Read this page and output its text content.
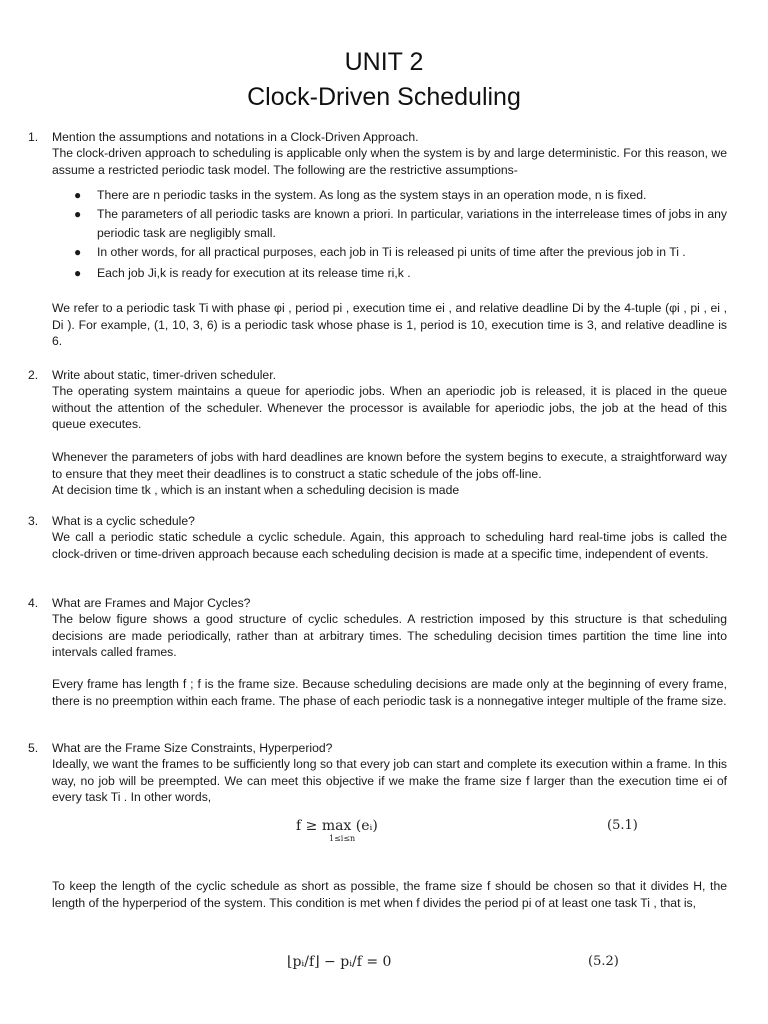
UNIT 2
Clock-Driven Scheduling
1. Mention the assumptions and notations in a Clock-Driven Approach.
The clock-driven approach to scheduling is applicable only when the system is by and large deterministic. For this reason, we assume a restricted periodic task model. The following are the restrictive assumptions-
● There are n periodic tasks in the system. As long as the system stays in an operation mode, n is fixed.
● The parameters of all periodic tasks are known a priori. In particular, variations in the interrelease times of jobs in any periodic task are negligibly small.
● In other words, for all practical purposes, each job in Ti is released pi units of time after the previous job in Ti .
● Each job Ji,k is ready for execution at its release time ri,k .
We refer to a periodic task Ti with phase φi , period pi , execution time ei , and relative deadline Di by the 4-tuple (φi , pi , ei , Di ). For example, (1, 10, 3, 6) is a periodic task whose phase is 1, period is 10, execution time is 3, and relative deadline is 6.
2. Write about static, timer-driven scheduler.
The operating system maintains a queue for aperiodic jobs. When an aperiodic job is released, it is placed in the queue without the attention of the scheduler. Whenever the processor is available for aperiodic jobs, the job at the head of this queue executes.
Whenever the parameters of jobs with hard deadlines are known before the system begins to execute, a straightforward way to ensure that they meet their deadlines is to construct a static schedule of the jobs off-line.
At decision time tk , which is an instant when a scheduling decision is made
3. What is a cyclic schedule?
We call a periodic static schedule a cyclic schedule. Again, this approach to scheduling hard real-time jobs is called the clock-driven or time-driven approach because each scheduling decision is made at a specific time, independent of events.
4. What are Frames and Major Cycles?
The below figure shows a good structure of cyclic schedules. A restriction imposed by this structure is that scheduling decisions are made periodically, rather than at arbitrary times. The scheduling decision times partition the time line into intervals called frames.
Every frame has length f ; f is the frame size. Because scheduling decisions are made only at the beginning of every frame, there is no preemption within each frame. The phase of each periodic task is a nonnegative integer multiple of the frame size.
5. What are the Frame Size Constraints, Hyperperiod?
Ideally, we want the frames to be sufficiently long so that every job can start and complete its execution within a frame. In this way, no job will be preempted. We can meet this objective if we make the frame size f larger than the execution time ei of every task Ti . In other words,
f ≥ max (eᵢ)
1≤i≤n
(5.1)
To keep the length of the cyclic schedule as short as possible, the frame size f should be chosen so that it divides H, the length of the hyperperiod of the system. This condition is met when f divides the period pi of at least one task Ti , that is,
⌊pᵢ/f⌋ − pᵢ/f = 0	(5.2)
